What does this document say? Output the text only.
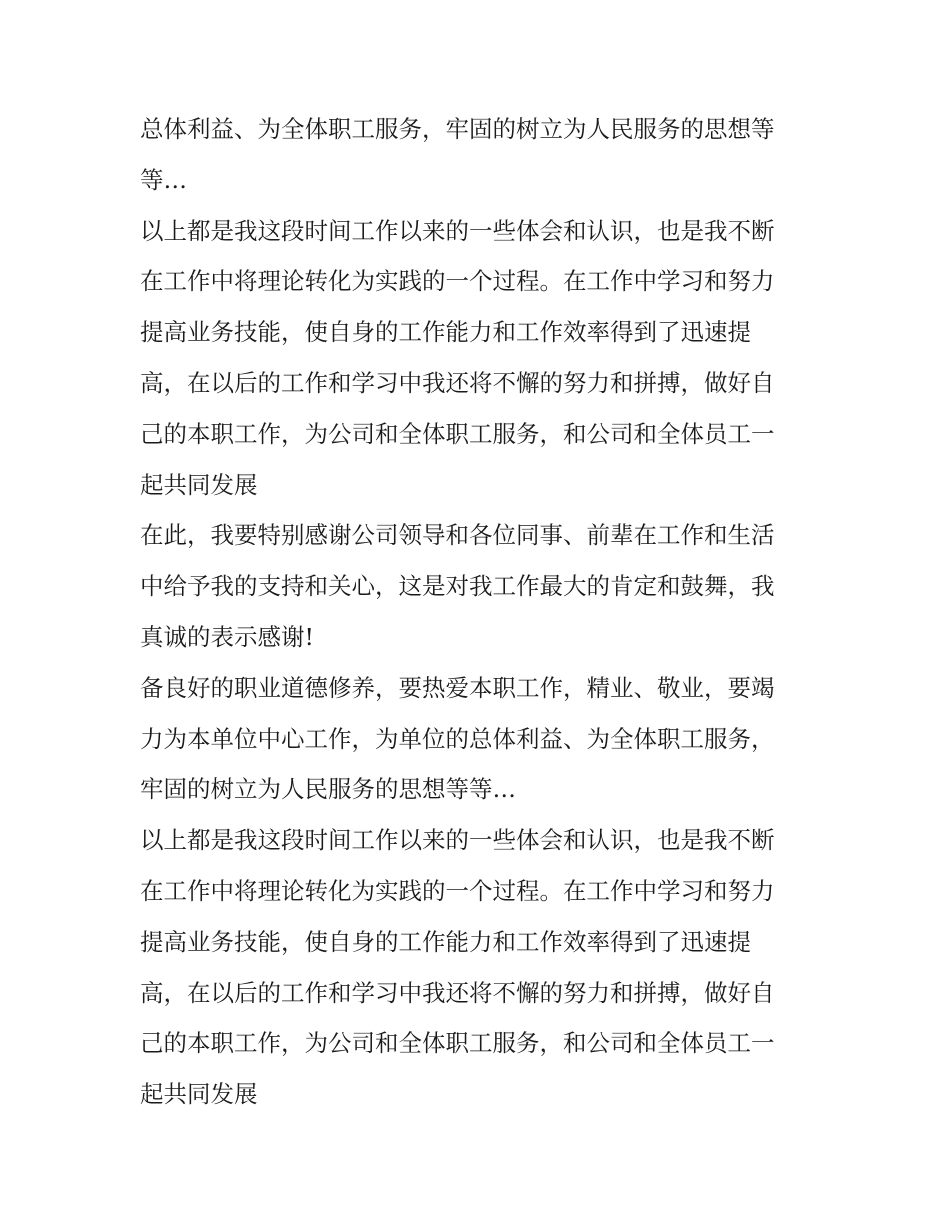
总体利益、为全体职工服务，牢固的树立为人民服务的思想等
等…
以上都是我这段时间工作以来的一些体会和认识，也是我不断
在工作中将理论转化为实践的一个过程。在工作中学习和努力
提高业务技能，使自身的工作能力和工作效率得到了迅速提
高，在以后的工作和学习中我还将不懈的努力和拼搏，做好自
己的本职工作，为公司和全体职工服务，和公司和全体员工一
起共同发展
在此，我要特别感谢公司领导和各位同事、前辈在工作和生活
中给予我的支持和关心，这是对我工作最大的肯定和鼓舞，我
真诚的表示感谢!
备良好的职业道德修养，要热爱本职工作，精业、敬业，要竭
力为本单位中心工作，为单位的总体利益、为全体职工服务，
牢固的树立为人民服务的思想等等…
以上都是我这段时间工作以来的一些体会和认识，也是我不断
在工作中将理论转化为实践的一个过程。在工作中学习和努力
提高业务技能，使自身的工作能力和工作效率得到了迅速提
高，在以后的工作和学习中我还将不懈的努力和拼搏，做好自
己的本职工作，为公司和全体职工服务，和公司和全体员工一
起共同发展
